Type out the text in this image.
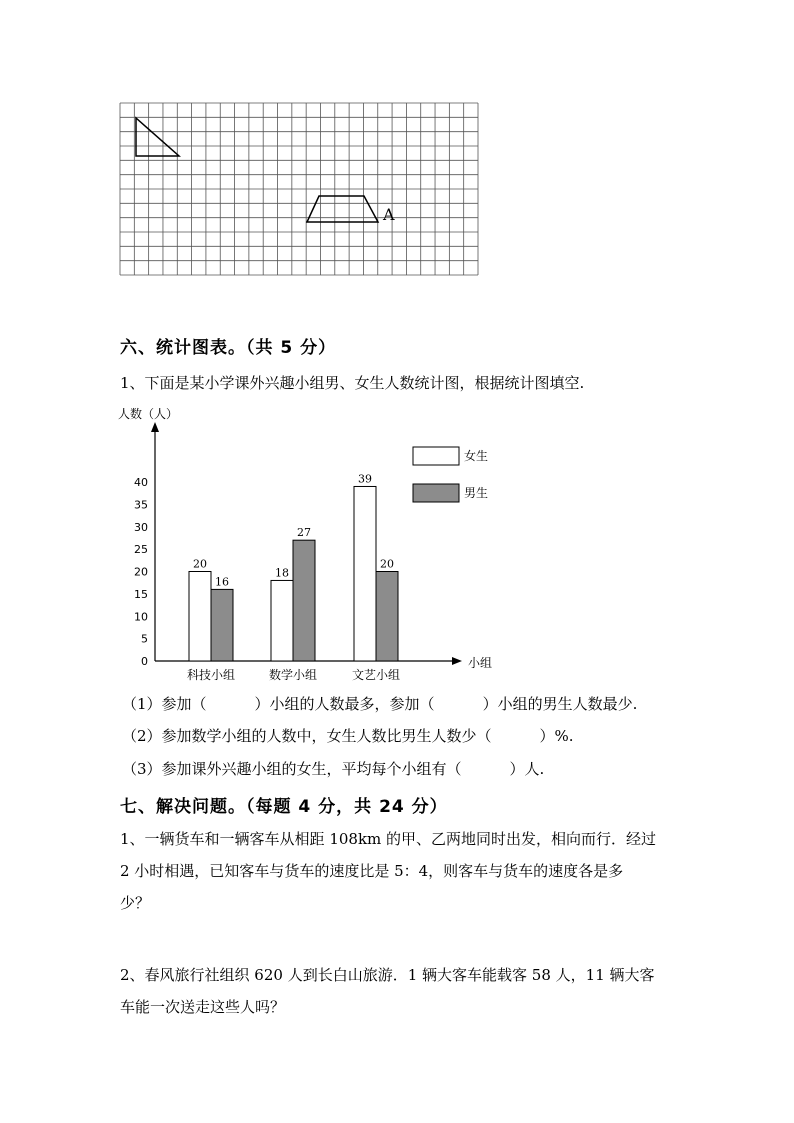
A
六、统计图表。（共 5 分）
1、下面是某小学课外兴趣小组男、女生人数统计图，根据统计图填空.
人数（人）
小组
0
5
10
15
20
25
30
35
40
20
16
18
27
39
20
科技小组	数学小组	文艺小组
女生
男生
（1）参加（	）小组的人数最多，参加（	）小组的男生人数最少.
（2）参加数学小组的人数中，女生人数比男生人数少（	）%.
（3）参加课外兴趣小组的女生，平均每个小组有（	）人.
七、解决问题。（每题 4 分，共 24 分）
1、一辆货车和一辆客车从相距 108km 的甲、乙两地同时出发，相向而行．经过
2 小时相遇，已知客车与货车的速度比是 5：4，则客车与货车的速度各是多
少？
2、春风旅行社组织 620 人到长白山旅游．1 辆大客车能载客 58 人，11 辆大客
车能一次送走这些人吗？
